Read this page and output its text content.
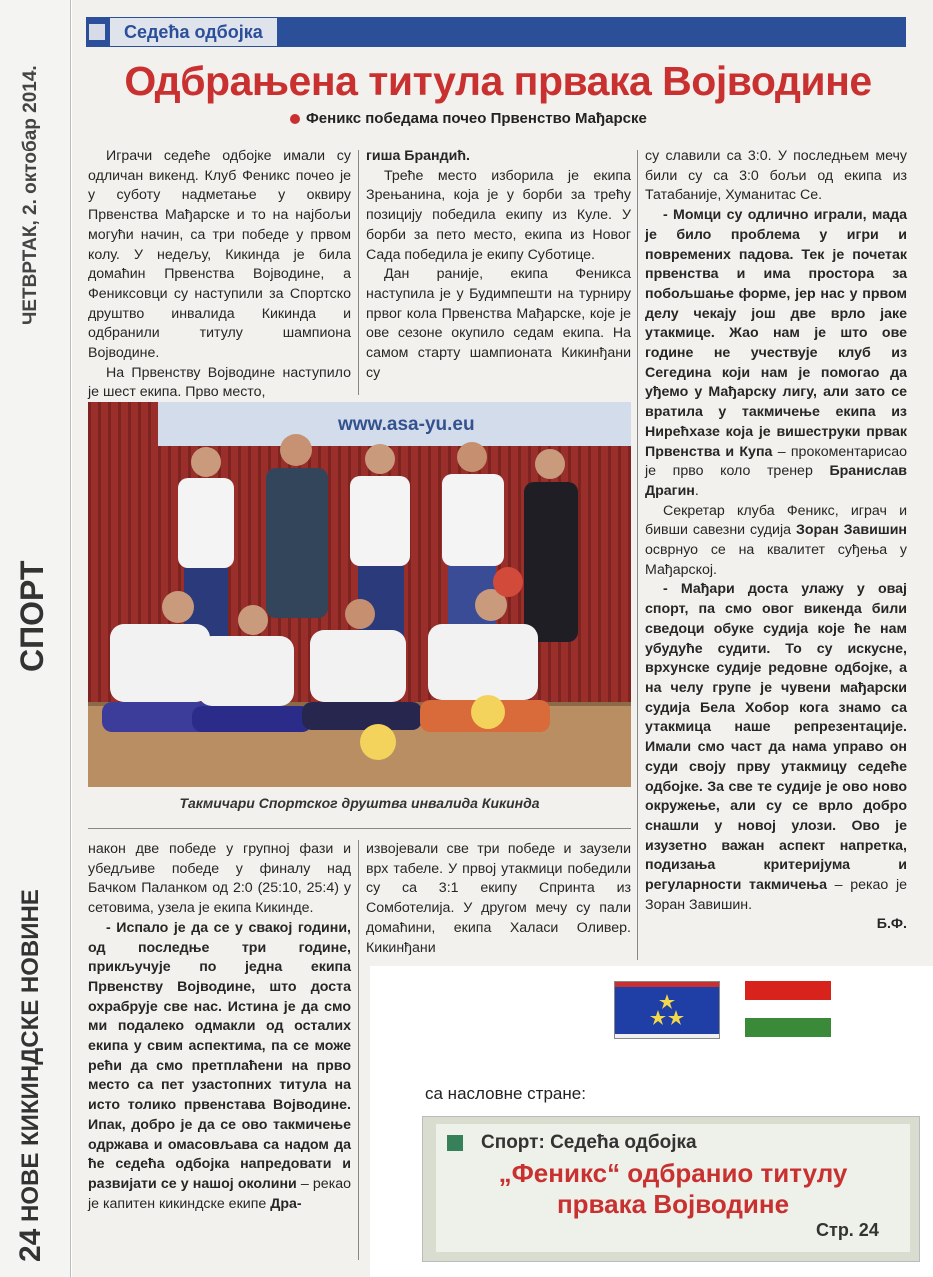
ЧЕТВРТАК, 2. октобар 2014.
СПОРТ
24
НОВЕ КИКИНДСКЕ НОВИНЕ
Седећа одбојка
Одбрањена титула првака Војводине
Феникс победама почео Првенство Мађарске

Играчи седеће одбојке имали су одличан викенд. Клуб Феникс почео је у суботу надметање у оквиру Првенства Мађарске и то на најбољи могући начин, са три победе у првом колу. У недељу, Кикинда је била домаћин Првенства Војводине, а Фениксовци су наступили за Спортско друштво инвалида Кикинда и одбранили титулу шампиона Војводине.

На Првенству Војводине наступило је шест екипа. Прво место,

гиша Брандић.

Треће место изборила је екипа Зрењанина, која је у борби за трећу позицију победила екипу из Куле. У борби за пето место, екипа из Новог Сада победила је екипу Суботице.

Дан раније, екипа Феникса наступила је у Будимпешти на турниру првог кола Првенства Мађарске, које је ове сезоне окупило седам екипа. На самом старту шампионата Кикинђани су

су славили са 3:0. У последњем мечу били су са 3:0 бољи од екипа из Татабаније, Хуманитас Се.

- Момци су одлично играли, мада је било проблема у игри и повремених падова. Тек је почетак првенства и има простора за побољшање форме, јер нас у првом делу чекају још две врло јаке утакмице. Жао нам је што ове године не учествује клуб из Сегедина који нам је помогао да уђемо у Мађарску лигу, али зато се вратила у такмичење екипа из Нирећхазе која је вишеструки првак Првенства и Купа – прокоментарисао је прво коло тренер Бранислав Драгин.

Секретар клуба Феникс, играч и бивши савезни судија Зоран Завишин осврнуо се на квалитет суђења у Мађарској.

- Мађари доста улажу у овај спорт, па смо овог викенда били сведоци обуке судија које ће нам убудуће судити. То су искусне, врхунске судије редовне одбојке, а на челу групе је чувени мађарски судија Бела Хобор кога знамо са утакмица наше репрезентације. Имали смо част да нама управо он суди своју прву утакмицу седеће одбојке. За све те судије је ово ново окружење, али су се врло добро снашли у новој улози. Ово је изузетно важан аспект напретка, подизања критеријума и регуларности такмичења – рекао је Зоран Завишин.

Б.Ф.

www.asa-yu.eu
Такмичари Спортског друштва инвалида Кикинда

након две победе у групној фази и убедљиве победе у финалу над Бачком Паланком од 2:0 (25:10, 25:4) у сетовима, узела је екипа Кикинде.

- Испало је да се у свакој години, од последње три године, прикључује по једна екипа Првенству Војводине, што доста охрабрује све нас. Истина је да смо ми подалеко одмакли од осталих екипа у свим аспектима, па се може рећи да смо претплаћени на прво место са пет узастопних титула на исто толико првенстава Војводине. Ипак, добро је да се ово такмичење одржава и омасовљава са надом да ће седећа одбојка напредовати и развијати се у нашој околини – рекао је капитен кикиндске екипе Дра-

извојевали све три победе и заузели врх табеле. У првој утакмици победили су са 3:1 екипу Спринта из Сомботелија. У другом мечу су пали домаћини, екипа Халаси Оливер. Кикинђани

са насловне стране:
Спорт: Седећа одбојка
„Феникс“ одбранио титулу
првака Војводине
Стр. 24
